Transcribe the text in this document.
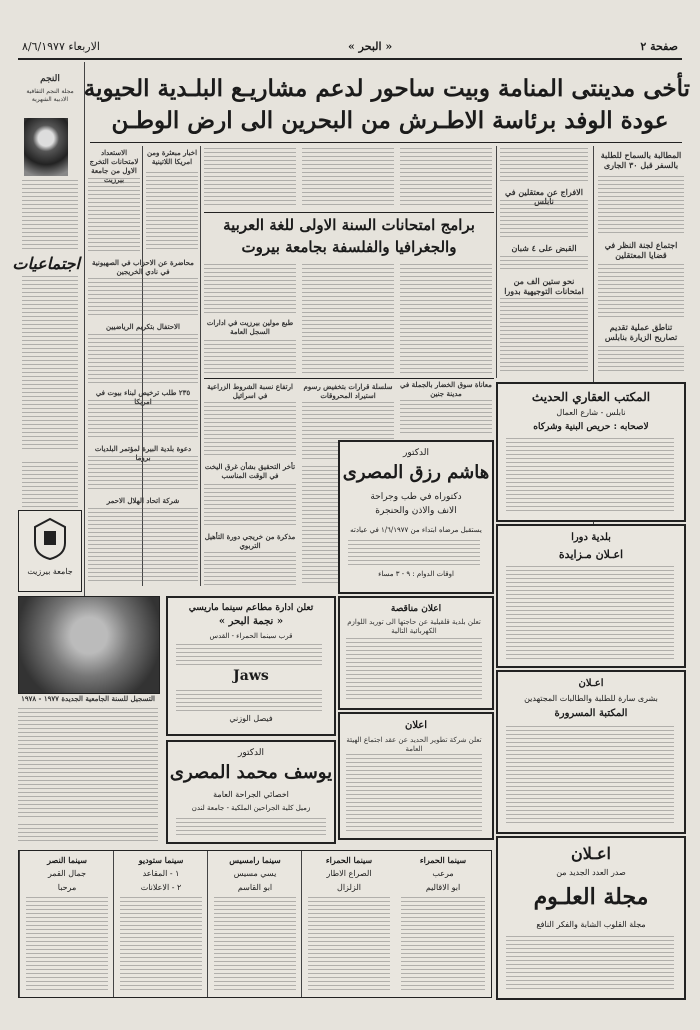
صفحة ٢
« البحر »
الاربعاء ٨/٦/١٩٧٧
النجم
مجلة النجم الثقافية الادبية الشهرية
اجتماعيات
تأخى مدينتى المنامة وبيت ساحور لدعم مشاريـع البلـدية الحيوية
عودة الوفد برئاسة الاطـرش من البحرين الى ارض الوطـن
المطالبة بالسماح للطلبة بالسفر قبل ٣٠ الجارى
اجتماع لجنة النظر في قضايا المعتقلين
تناطق عملية تقديم
تصاريح الزيارة بنابلس
الافراج عن معتقلين في نابلس
القبض على ٤ شبان
نحو ستين الف من امتحانات التوجيهية بدورا
برامج امتحانات السنة الاولى للغة العربية
والجغرافيا والفلسفة بجامعة بيروت
اخبار مبعثرة ومن امريكا اللاتينية
الاستعداد لامتحانات التخرج الاول من جامعة بيرزيت
محاضرة عن الاحزاب في الصهيونية في نادي الخريجين
الاحتفال بتكريم الرياضيين
٢٣٥ طلب ترخيص لبناء بيوت في امريكا
دعوة بلدية البيرة لمؤتمر البلديات بروما
شركة اتحاد الهلال الاحمر
طبع مولين بيرزيت في ادارات السجل العامة
سلسلة قرارات بتخفيض رسوم استيراد المحروقات
ارتفاع نسبة الشروط الزراعية في اسرائيل
تأخر التحقيق بشأن غرق اليخت في الوقت المناسب
مذكرة من خريجي دورة التأهيل التربوي
معاناة سوق الخضار بالجملة في مدينة جنين
الدكتور
هاشم رزق المصرى
دكتوراه في طب وجراحة
الانف والاذن والحنجرة
يستقبل مرضاه ابتداء من ١/٦/١٩٧٧ في عيادته
اوقات الدوام : ٩ - ٣ مساء
اعلان مناقصة
تعلن بلدية قلقيلية عن حاجتها الى توريد اللوازم الكهربائية التالية
اعلان
تعلن شركة تطوير الحديد عن عقد اجتماع الهيئة العامة
تعلن ادارة مطاعم سينما ماريسي
« نجمة البحر »
قرب سينما الحمراء - القدس
Jaws
فيصل الوزني
الدكتور
يوسف محمد المصرى
اخصائي الجراحة العامة
زميل كلية الجراحين الملكية - جامعة لندن
التسجيل للسنة الجامعية الجديدة ١٩٧٧ - ١٩٧٨
جامعة بيرزيت
المكتب العقاري الحديث
نابلس - شارع العمال
لاصحابه : حريص البنية وشركاه
بلدية دورا
اعـلان مـزايدة
اعـلان
بشرى سارة للطلبة والطالبات المجتهدين
المكتبة المسرورة
اعـلان
صدر العدد الجديد من
مجلة العلـوم
مجلة القلوب الشابة والفكر النافع
سينما النصر
جمال القمر
مرحبا
سينما ستوديو
١ - المقاعد
٢ - الاعلانات
سينما رامسيس
يسي مسيس
ابو القاسم
سينما الحمراء
الصراع الاطار
الزلزال
سينما الحمراء
مرعب
ابو الاقاليم
